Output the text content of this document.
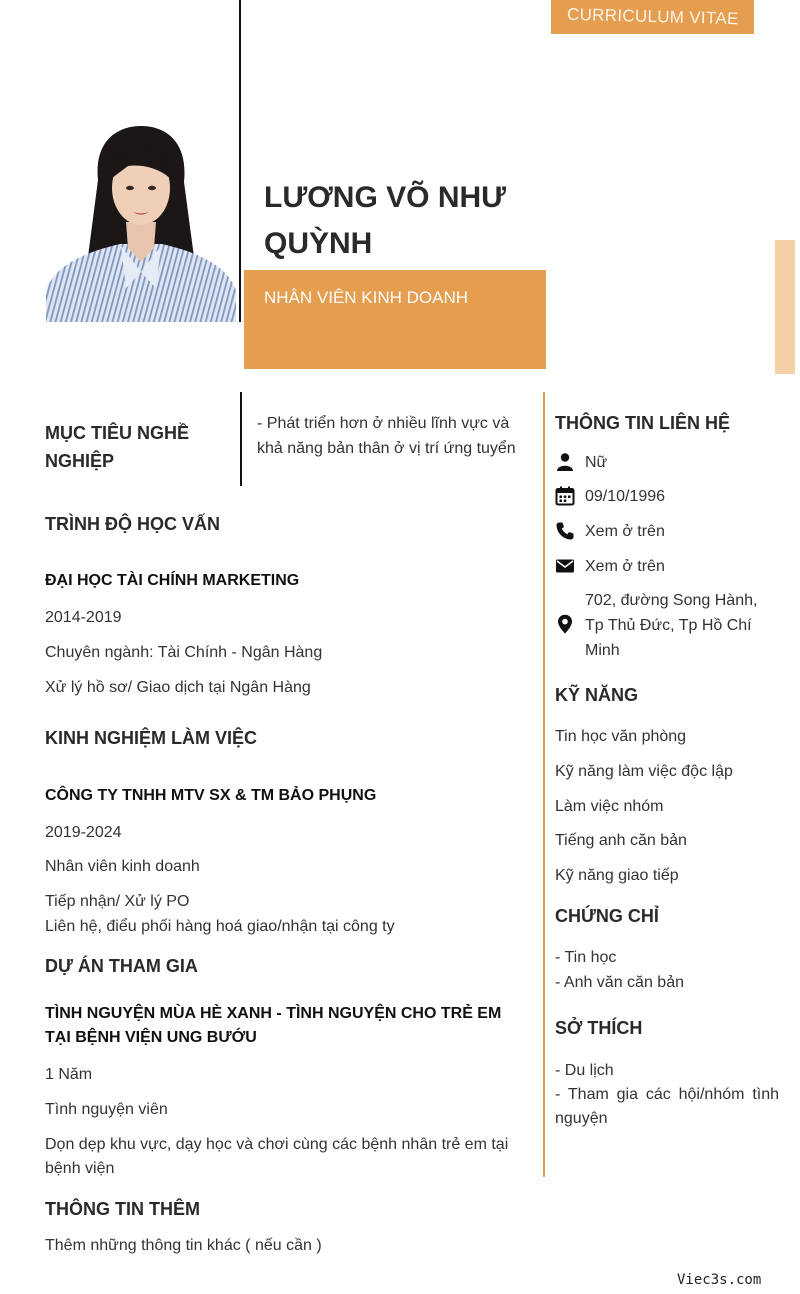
CURRICULUM VITAE
LƯƠNG VÕ NHƯ QUỲNH
NHÂN VIÊN KINH DOANH
MỤC TIÊU NGHỀ NGHIỆP
- Phát triển hơn ở nhiều lĩnh vực và khả năng bản thân ở vị trí ứng tuyển
TRÌNH ĐỘ HỌC VẤN
ĐẠI HỌC TÀI CHÍNH MARKETING
2014-2019
Chuyên ngành: Tài Chính - Ngân Hàng
Xử lý hồ sơ/ Giao dịch tại Ngân Hàng
KINH NGHIỆM LÀM VIỆC
CÔNG TY TNHH MTV SX & TM BẢO PHỤNG
2019-2024
Nhân viên kinh doanh
Tiếp nhận/ Xử lý PO
Liên hệ, điểu phối hàng hoá giao/nhận tại công ty
DỰ ÁN THAM GIA
TÌNH NGUYỆN MÙA HÈ XANH - TÌNH NGUYỆN CHO TRẺ EM TẠI BỆNH VIỆN UNG BƯỚU
1 Năm
Tình nguyện viên
Dọn dẹp khu vực, dạy học và chơi cùng các bệnh nhân trẻ em tại bệnh viện
THÔNG TIN THÊM
Thêm những thông tin khác ( nếu cần )
THÔNG TIN LIÊN HỆ
Nữ
09/10/1996
Xem ở trên
Xem ở trên
702, đường Song Hành, Tp Thủ Đức, Tp Hồ Chí Minh
KỸ NĂNG
Tin học văn phòng
Kỹ năng làm việc độc lập
Làm việc nhóm
Tiếng anh căn bản
Kỹ năng giao tiếp
CHỨNG CHỈ
- Tin học
- Anh văn căn bản
SỞ THÍCH
- Du lịch
- Tham gia các hội/nhóm tình nguyện
Viec3s.com
